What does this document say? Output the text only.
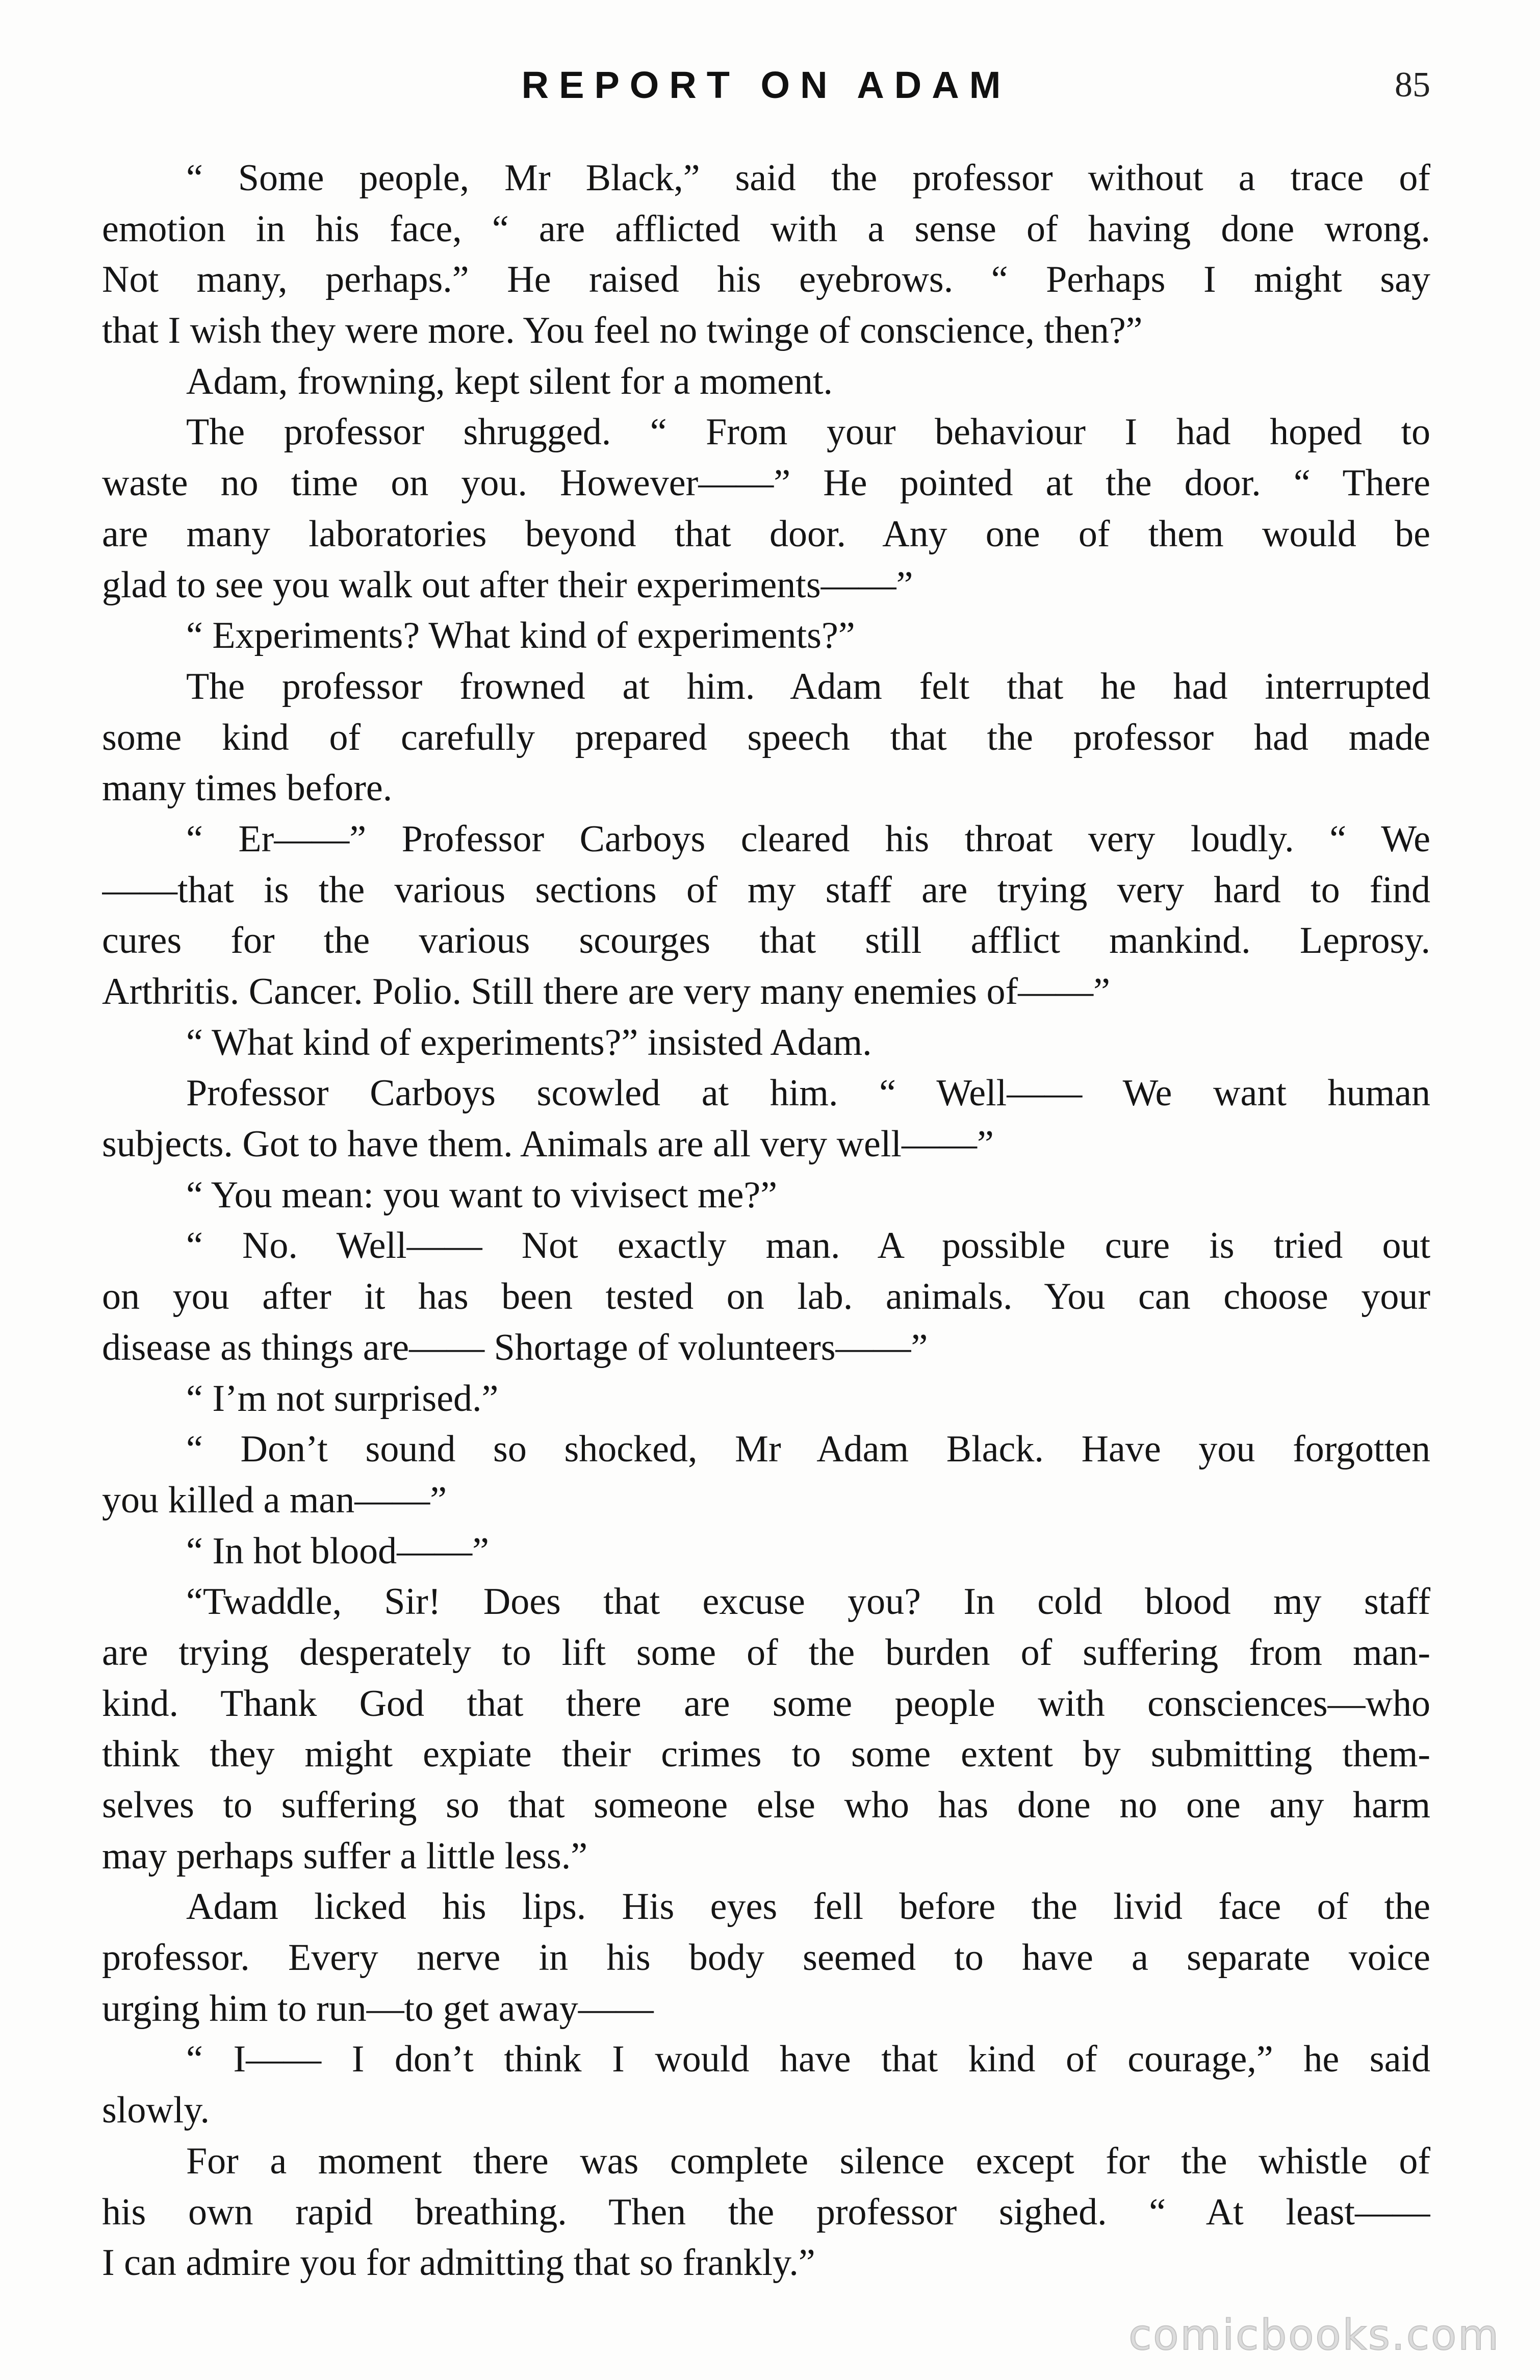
REPORT ON ADAM	85
“ Some people, Mr Black,” said the professor without a trace of
emotion in his face, “ are afflicted with a sense of having done wrong.
Not many, perhaps.” He raised his eyebrows. “ Perhaps I might say
that I wish they were more. You feel no twinge of conscience, then?”
Adam, frowning, kept silent for a moment.
The professor shrugged. “ From your behaviour I had hoped to
waste no time on you. However——” He pointed at the door. “ There
are many laboratories beyond that door. Any one of them would be
glad to see you walk out after their experiments——”
“ Experiments? What kind of experiments?”
The professor frowned at him. Adam felt that he had interrupted
some kind of carefully prepared speech that the professor had made
many times before.
“ Er——” Professor Carboys cleared his throat very loudly. “ We
——that is the various sections of my staff are trying very hard to find
cures for the various scourges that still afflict mankind. Leprosy.
Arthritis. Cancer. Polio. Still there are very many enemies of——”
“ What kind of experiments?” insisted Adam.
Professor Carboys scowled at him. “ Well—— We want human
subjects. Got to have them. Animals are all very well——”
“ You mean: you want to vivisect me?”
“ No. Well—— Not exactly man. A possible cure is tried out
on you after it has been tested on lab. animals. You can choose your
disease as things are—— Shortage of volunteers——”
“ I’m not surprised.”
“ Don’t sound so shocked, Mr Adam Black. Have you forgotten
you killed a man——”
“ In hot blood——”
“Twaddle, Sir! Does that excuse you? In cold blood my staff
are trying desperately to lift some of the burden of suffering from man-
kind. Thank God that there are some people with consciences—who
think they might expiate their crimes to some extent by submitting them-
selves to suffering so that someone else who has done no one any harm
may perhaps suffer a little less.”
Adam licked his lips. His eyes fell before the livid face of the
professor. Every nerve in his body seemed to have a separate voice
urging him to run—to get away——
“ I—— I don’t think I would have that kind of courage,” he said
slowly.
For a moment there was complete silence except for the whistle of
his own rapid breathing. Then the professor sighed. “ At least——
I can admire you for admitting that so frankly.”
comicbooks.com
